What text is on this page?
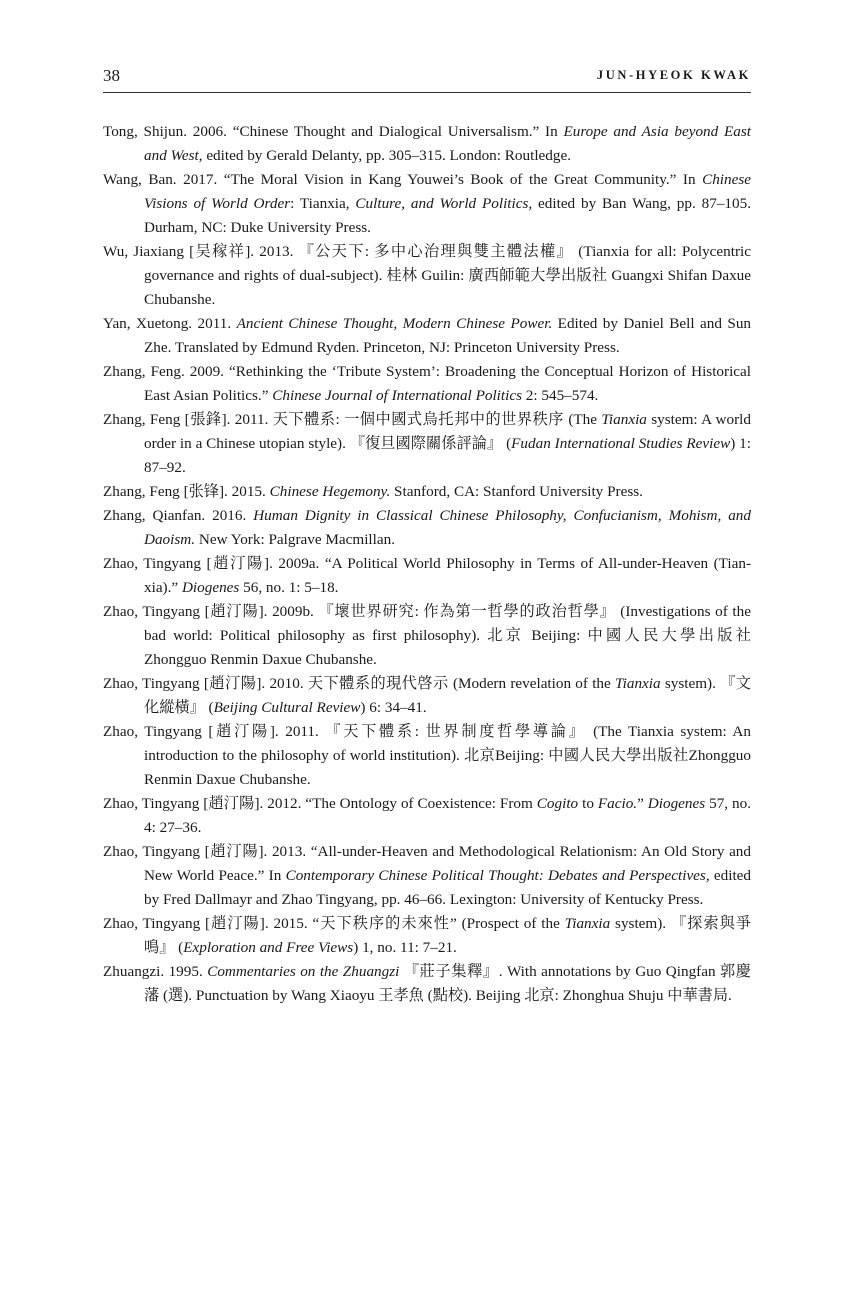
38	JUN-HYEOK KWAK

Tong, Shijun. 2006. “Chinese Thought and Dialogical Universalism.” In Europe and Asia beyond East and West, edited by Gerald Delanty, pp. 305–315. London: Routledge.

Wang, Ban. 2017. “The Moral Vision in Kang Youwei’s Book of the Great Community.” In Chinese Visions of World Order: Tianxia, Culture, and World Politics, edited by Ban Wang, pp. 87–105. Durham, NC: Duke University Press.

Wu, Jiaxiang [吴稼祥]. 2013. 『公天下: 多中心治理與雙主體法權』 (Tianxia for all: Polycentric governance and rights of dual-subject). 桂林 Guilin: 廣西師範大學出版社 Guangxi Shifan Daxue Chubanshe.

Yan, Xuetong. 2011. Ancient Chinese Thought, Modern Chinese Power. Edited by Daniel Bell and Sun Zhe. Translated by Edmund Ryden. Princeton, NJ: Princeton University Press.

Zhang, Feng. 2009. “Rethinking the ‘Tribute System’: Broadening the Conceptual Horizon of Historical East Asian Politics.” Chinese Journal of International Politics 2: 545–574.

Zhang, Feng [張鋒]. 2011. 天下體系: 一個中國式烏托邦中的世界秩序 (The Tianxia system: A world order in a Chinese utopian style). 『復旦國際關係評論』 (Fudan International Studies Review) 1: 87–92.

Zhang, Feng [张锋]. 2015. Chinese Hegemony. Stanford, CA: Stanford University Press.

Zhang, Qianfan. 2016. Human Dignity in Classical Chinese Philosophy, Confucianism, Mohism, and Daoism. New York: Palgrave Macmillan.

Zhao, Tingyang [趙汀陽]. 2009a. “A Political World Philosophy in Terms of All-under-Heaven (Tian-xia).” Diogenes 56, no. 1: 5–18.

Zhao, Tingyang [趙汀陽]. 2009b. 『壞世界研究: 作為第一哲學的政治哲學』 (Investigations of the bad world: Political philosophy as first philosophy). 北京 Beijing: 中國人民大學出版社 Zhongguo Renmin Daxue Chubanshe.

Zhao, Tingyang [趙汀陽]. 2010. 天下體系的現代啓示 (Modern revelation of the Tianxia system). 『文化縱橫』 (Beijing Cultural Review) 6: 34–41.

Zhao, Tingyang [趙汀陽]. 2011. 『天下體系: 世界制度哲學導論』 (The Tianxia system: An introduction to the philosophy of world institution). 北京Beijing: 中國人民大學出版社Zhongguo Renmin Daxue Chubanshe.

Zhao, Tingyang [趙汀陽]. 2012. “The Ontology of Coexistence: From Cogito to Facio.” Diogenes 57, no. 4: 27–36.

Zhao, Tingyang [趙汀陽]. 2013. “All-under-Heaven and Methodological Relationism: An Old Story and New World Peace.” In Contemporary Chinese Political Thought: Debates and Perspectives, edited by Fred Dallmayr and Zhao Tingyang, pp. 46–66. Lexington: University of Kentucky Press.

Zhao, Tingyang [趙汀陽]. 2015. “天下秩序的未來性” (Prospect of the Tianxia system). 『探索與爭鳴』 (Exploration and Free Views) 1, no. 11: 7–21.

Zhuangzi. 1995. Commentaries on the Zhuangzi 『莊子集釋』. With annotations by Guo Qingfan 郭慶藩 (選). Punctuation by Wang Xiaoyu 王孝魚 (點校). Beijing 北京: Zhonghua Shuju 中華書局.
